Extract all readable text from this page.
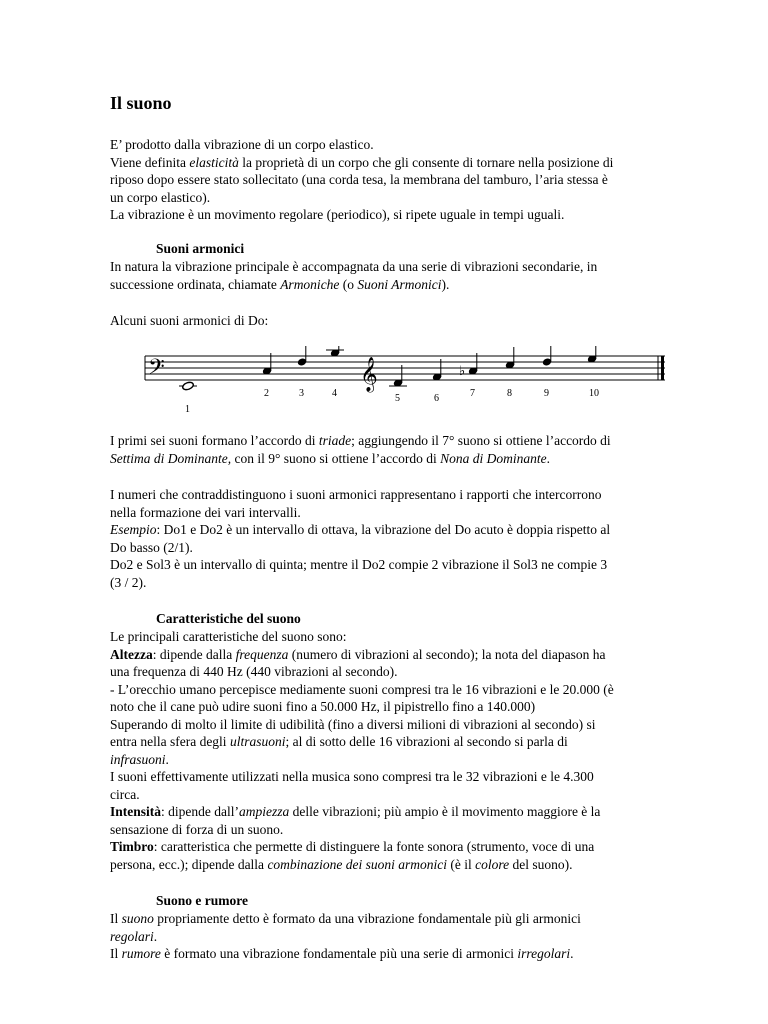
Il suono

E’ prodotto dalla vibrazione di un corpo elastico.
Viene definita elasticità la proprietà di un corpo che gli consente di tornare nella posizione di
riposo dopo essere stato sollecitato (una corda tesa, la membrana del tamburo, l’aria stessa è
un corpo elastico).
La vibrazione è un movimento regolare (periodico), si ripete uguale in tempi uguali.

Suoni armonici

In natura la vibrazione principale è accompagnata da una serie di vibrazioni secondarie, in
successione ordinata, chiamate Armoniche (o Suoni Armonici).

Alcuni suoni armonici di Do:

𝄢	𝄞
1
2	3	4	5	6
♭
7	8	9	10

I primi sei suoni formano l’accordo di triade; aggiungendo il 7° suono si ottiene l’accordo di
Settima di Dominante, con il 9° suono si ottiene l’accordo di Nona di Dominante.

I numeri che contraddistinguono i suoni armonici rappresentano i rapporti che intercorrono
nella formazione dei vari intervalli.
Esempio: Do1 e Do2 è un intervallo di ottava, la vibrazione del Do acuto è doppia rispetto al
Do basso (2/1).
Do2 e Sol3 è un intervallo di quinta; mentre il Do2 compie 2 vibrazione il Sol3 ne compie 3
(3 / 2).

Caratteristiche del suono

Le principali caratteristiche del suono sono:
Altezza: dipende dalla frequenza (numero di vibrazioni al secondo); la nota del diapason ha
una frequenza di 440 Hz (440 vibrazioni al secondo).
- L’orecchio umano percepisce mediamente suoni compresi tra le 16 vibrazioni e le 20.000 (è
noto che il cane può udire suoni fino a 50.000 Hz, il pipistrello fino a 140.000)
Superando di molto il limite di udibilità (fino a diversi milioni di vibrazioni al secondo) si
entra nella sfera degli ultrasuoni; al di sotto delle 16 vibrazioni al secondo si parla di
infrasuoni.
I suoni effettivamente utilizzati nella musica sono compresi tra le 32 vibrazioni e le 4.300
circa.
Intensità: dipende dall’ampiezza delle vibrazioni; più ampio è il movimento maggiore è la
sensazione di forza di un suono.
Timbro: caratteristica che permette di distinguere la fonte sonora (strumento, voce di una
persona, ecc.); dipende dalla combinazione dei suoni armonici (è il colore del suono).

Suono e rumore

Il suono propriamente detto è formato da una vibrazione fondamentale più gli armonici
regolari.
Il rumore è formato una vibrazione fondamentale più una serie di armonici irregolari.
